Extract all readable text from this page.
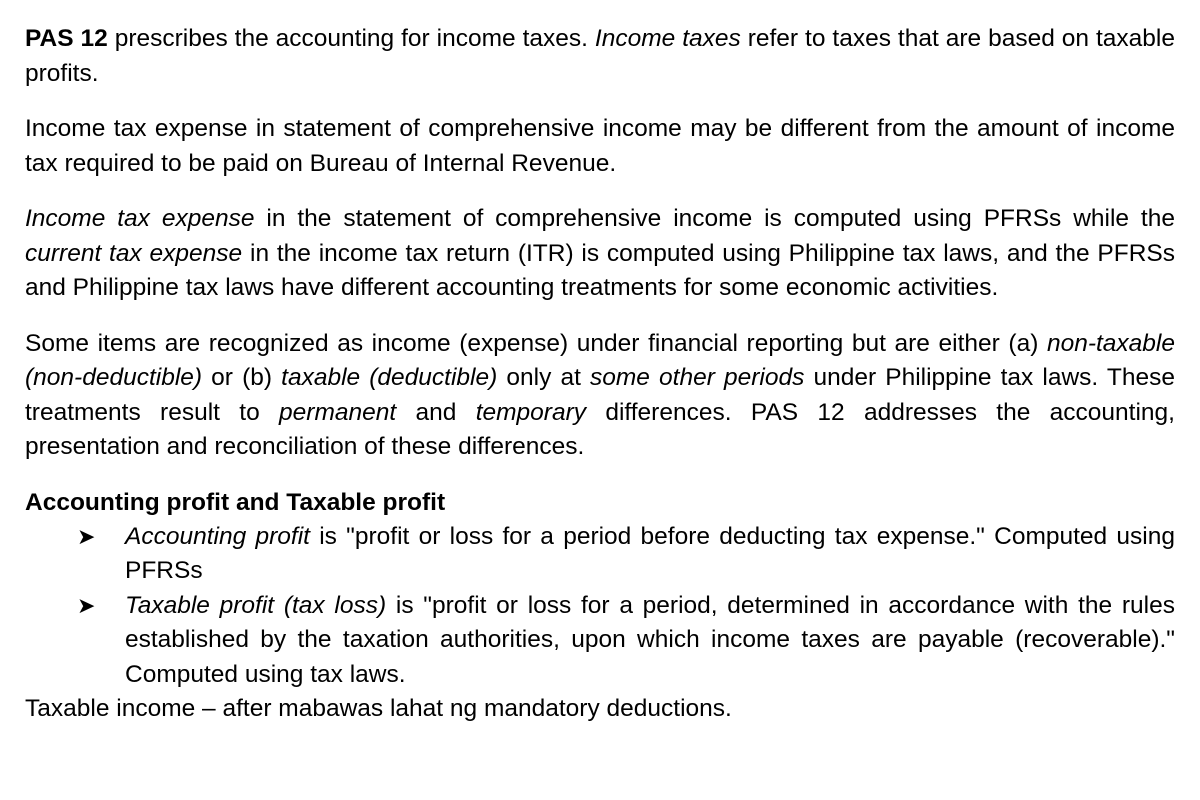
PAS 12 prescribes the accounting for income taxes. Income taxes refer to taxes that are based on taxable profits.

Income tax expense in statement of comprehensive income may be different from the amount of income tax required to be paid on Bureau of Internal Revenue.

Income tax expense in the statement of comprehensive income is computed using PFRSs while the current tax expense in the income tax return (ITR) is computed using Philippine tax laws, and the PFRSs and Philippine tax laws have different accounting treatments for some economic activities.

Some items are recognized as income (expense) under financial reporting but are either (a) non-taxable (non-deductible) or (b) taxable (deductible) only at some other periods under Philippine tax laws. These treatments result to permanent and temporary differences. PAS 12 addresses the accounting, presentation and reconciliation of these differences.

Accounting profit and Taxable profit
➤ Accounting profit is "profit or loss for a period before deducting tax expense." Computed using PFRSs
➤ Taxable profit (tax loss) is "profit or loss for a period, determined in accordance with the rules established by the taxation authorities, upon which income taxes are payable (recoverable)." Computed using tax laws.
Taxable income – after mabawas lahat ng mandatory deductions.
